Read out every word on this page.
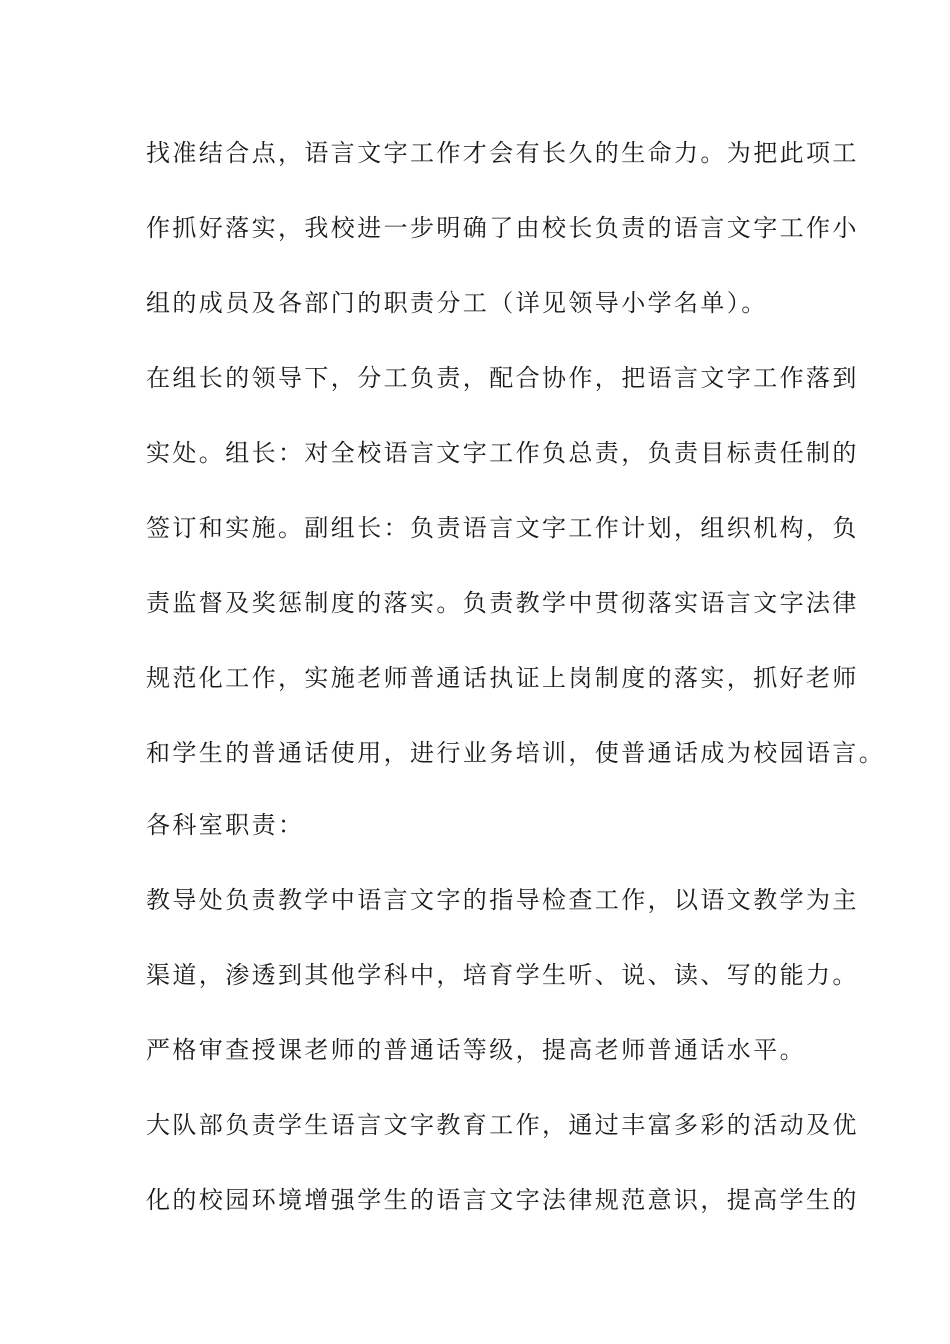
找准结合点，语言文字工作才会有长久的生命力。为把此项工
作抓好落实，我校进一步明确了由校长负责的语言文字工作小
组的成员及各部门的职责分工（详见领导小学名单）。
在组长的领导下，分工负责，配合协作，把语言文字工作落到
实处。组长：对全校语言文字工作负总责，负责目标责任制的
签订和实施。副组长：负责语言文字工作计划，组织机构，负
责监督及奖惩制度的落实。负责教学中贯彻落实语言文字法律
规范化工作，实施老师普通话执证上岗制度的落实，抓好老师
和学生的普通话使用，进行业务培训，使普通话成为校园语言。
各科室职责：
教导处负责教学中语言文字的指导检查工作，以语文教学为主
渠道，渗透到其他学科中，培育学生听、说、读、写的能力。
严格审查授课老师的普通话等级，提高老师普通话水平。
大队部负责学生语言文字教育工作，通过丰富多彩的活动及优
化的校园环境增强学生的语言文字法律规范意识，提高学生的
